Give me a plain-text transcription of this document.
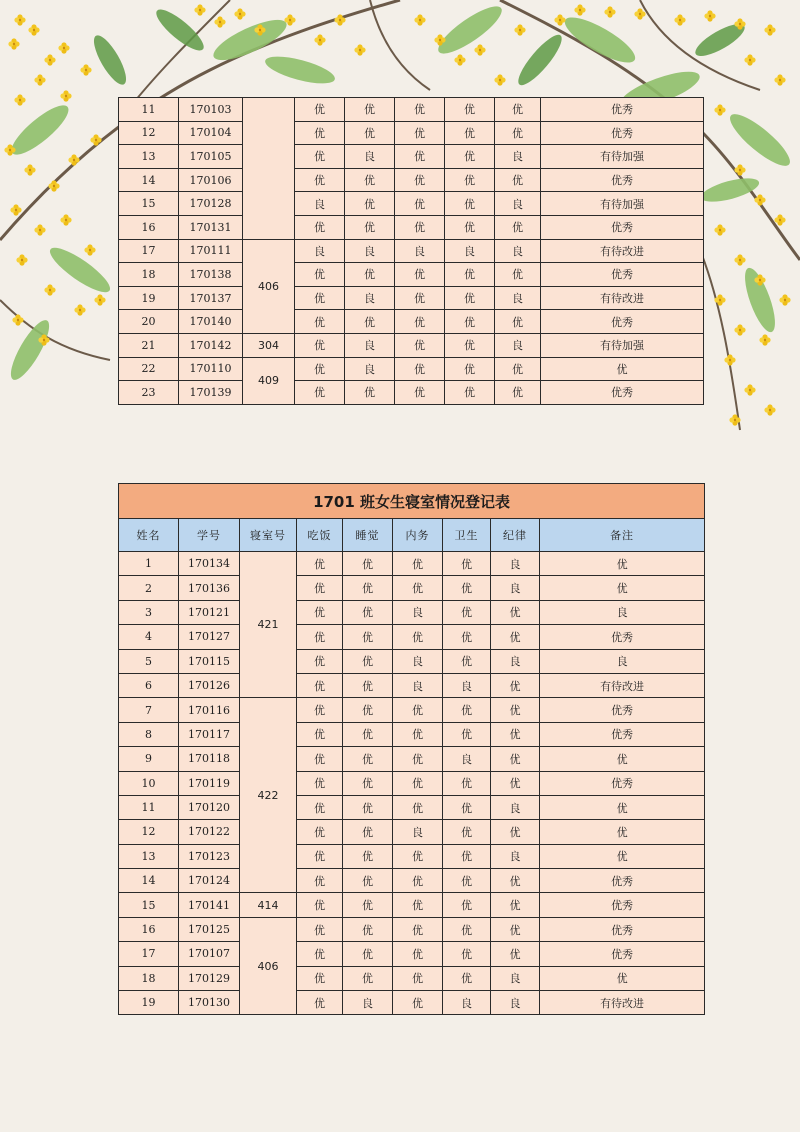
11	170103		优	优	优	优	优	优秀
12	170104		优	优	优	优	优	优秀
13	170105		优	良	优	优	良	有待加强
14	170106		优	优	优	优	优	优秀
15	170128		良	优	优	优	良	有待加强
16	170131		优	优	优	优	优	优秀
17	170111	406	良	良	良	良	良	有待改进
18	170138		优	优	优	优	优	优秀
19	170137		优	良	优	优	良	有待改进
20	170140		优	优	优	优	优	优秀
21	170142	304	优	良	优	优	良	有待加强
22	170110	409	优	良	优	优	优	优
23	170139		优	优	优	优	优	优秀
1701 班女生寝室情况登记表								
姓名	学号	寝室号	吃饭	睡觉	内务	卫生	纪律	备注
1	170134	421	优	优	优	优	良	优
2	170136		优	优	优	优	良	优
3	170121		优	优	良	优	优	良
4	170127		优	优	优	优	优	优秀
5	170115		优	优	良	优	良	良
6	170126		优	优	良	良	优	有待改进
7	170116	422	优	优	优	优	优	优秀
8	170117		优	优	优	优	优	优秀
9	170118		优	优	优	良	优	优
10	170119		优	优	优	优	优	优秀
11	170120		优	优	优	优	良	优
12	170122		优	优	良	优	优	优
13	170123		优	优	优	优	良	优
14	170124		优	优	优	优	优	优秀
15	170141	414	优	优	优	优	优	优秀
16	170125	406	优	优	优	优	优	优秀
17	170107		优	优	优	优	优	优秀
18	170129		优	优	优	优	良	优
19	170130		优	良	优	良	良	有待改进
